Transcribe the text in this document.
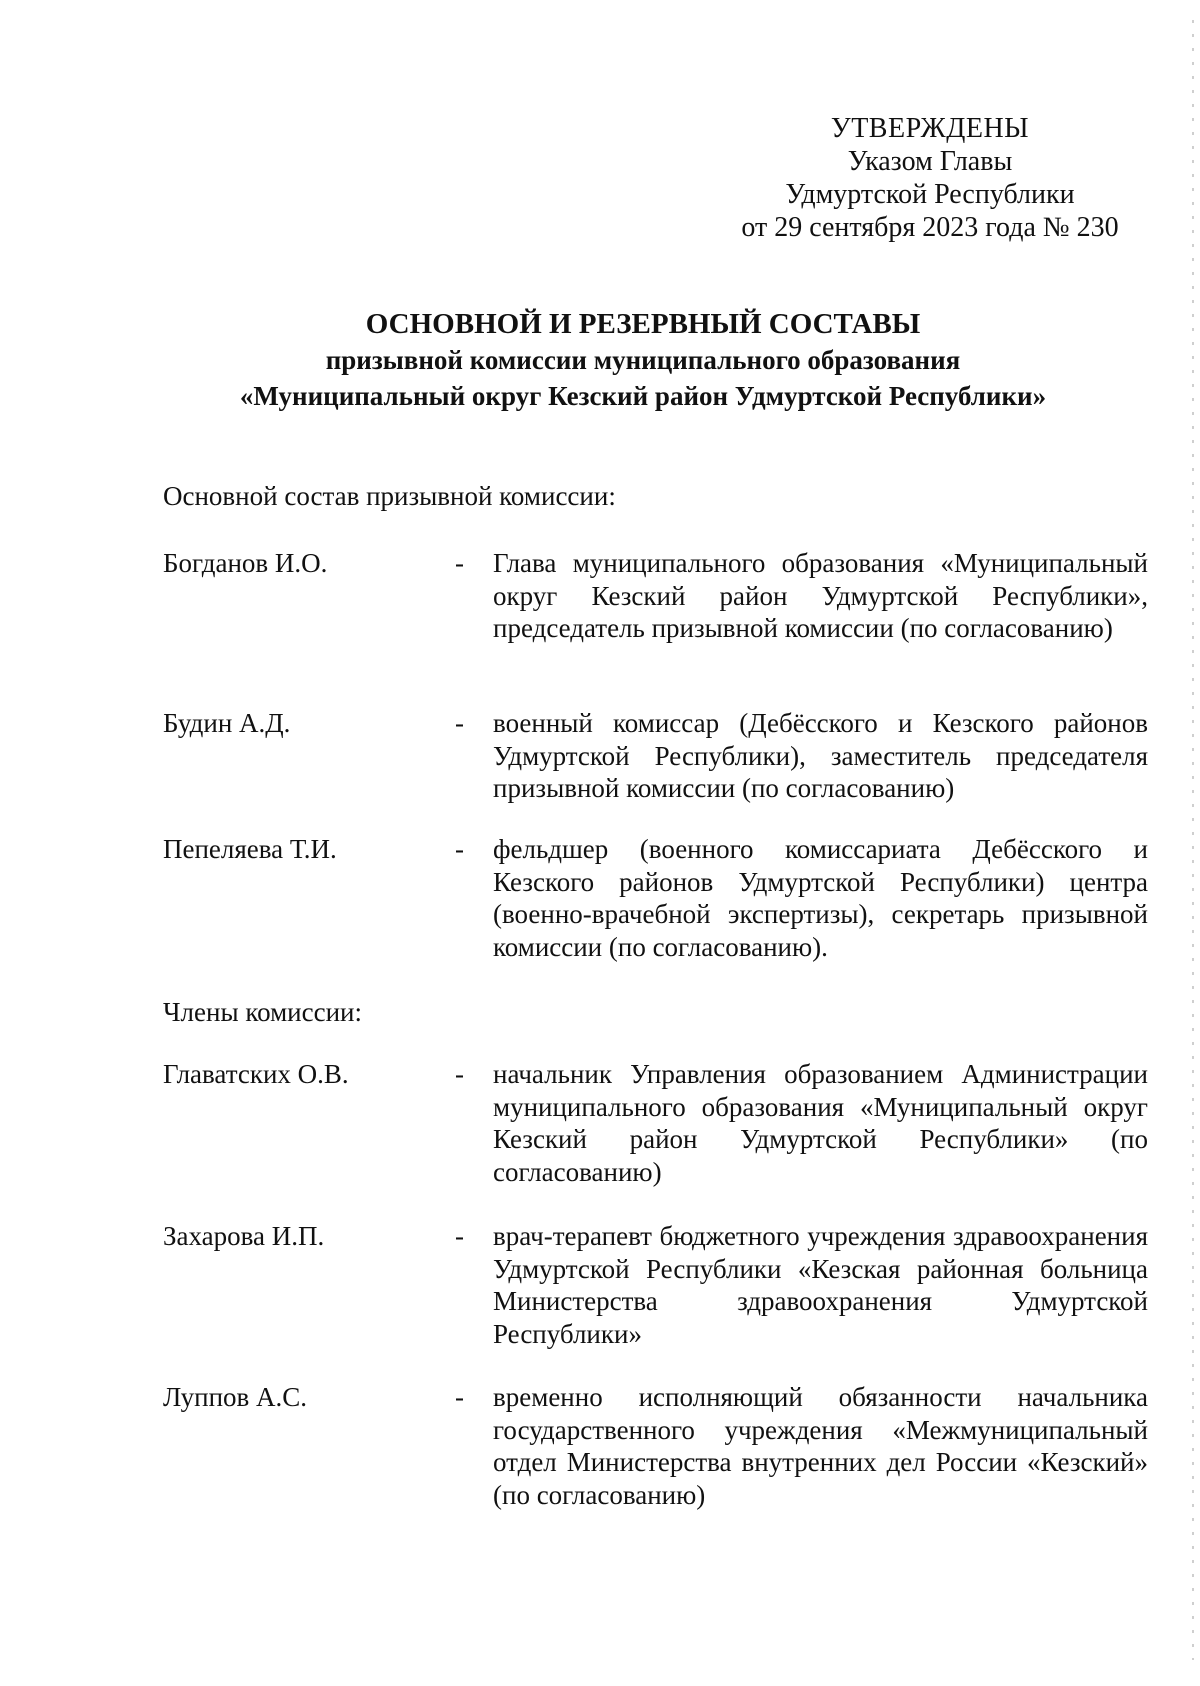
УТВЕРЖДЕНЫ
Указом Главы
Удмуртской Республики
от 29 сентября 2023 года № 230
ОСНОВНОЙ И РЕЗЕРВНЫЙ СОСТАВЫ
призывной комиссии муниципального образования
«Муниципальный округ Кезский район Удмуртской Республики»
Основной состав призывной комиссии:
Богданов И.О.	- Глава муниципального образования «Муниципальный округ Кезский район Удмуртской Республики», председатель призывной комиссии (по согласованию)
Будин А.Д.	- военный комиссар (Дебёсского и Кезского районов Удмуртской Республики), заместитель председателя призывной комиссии (по согласованию)
Пепеляева Т.И.	- фельдшер (военного комиссариата Дебёсского и Кезского районов Удмуртской Республики) центра (военно-врачебной экспертизы), секретарь призывной комиссии (по согласованию).
Члены комиссии:
Главатских О.В.	- начальник Управления образованием Администрации муниципального образования «Муниципальный округ Кезский район Удмуртской Республики» (по согласованию)
Захарова И.П.	- врач-терапевт бюджетного учреждения здравоохранения Удмуртской Республики «Кезская районная больница Министерства здравоохранения Удмуртской Республики»
Луппов А.С.	- временно исполняющий обязанности начальника государственного учреждения «Межмуниципальный отдел Министерства внутренних дел России «Кезский» (по согласованию)
